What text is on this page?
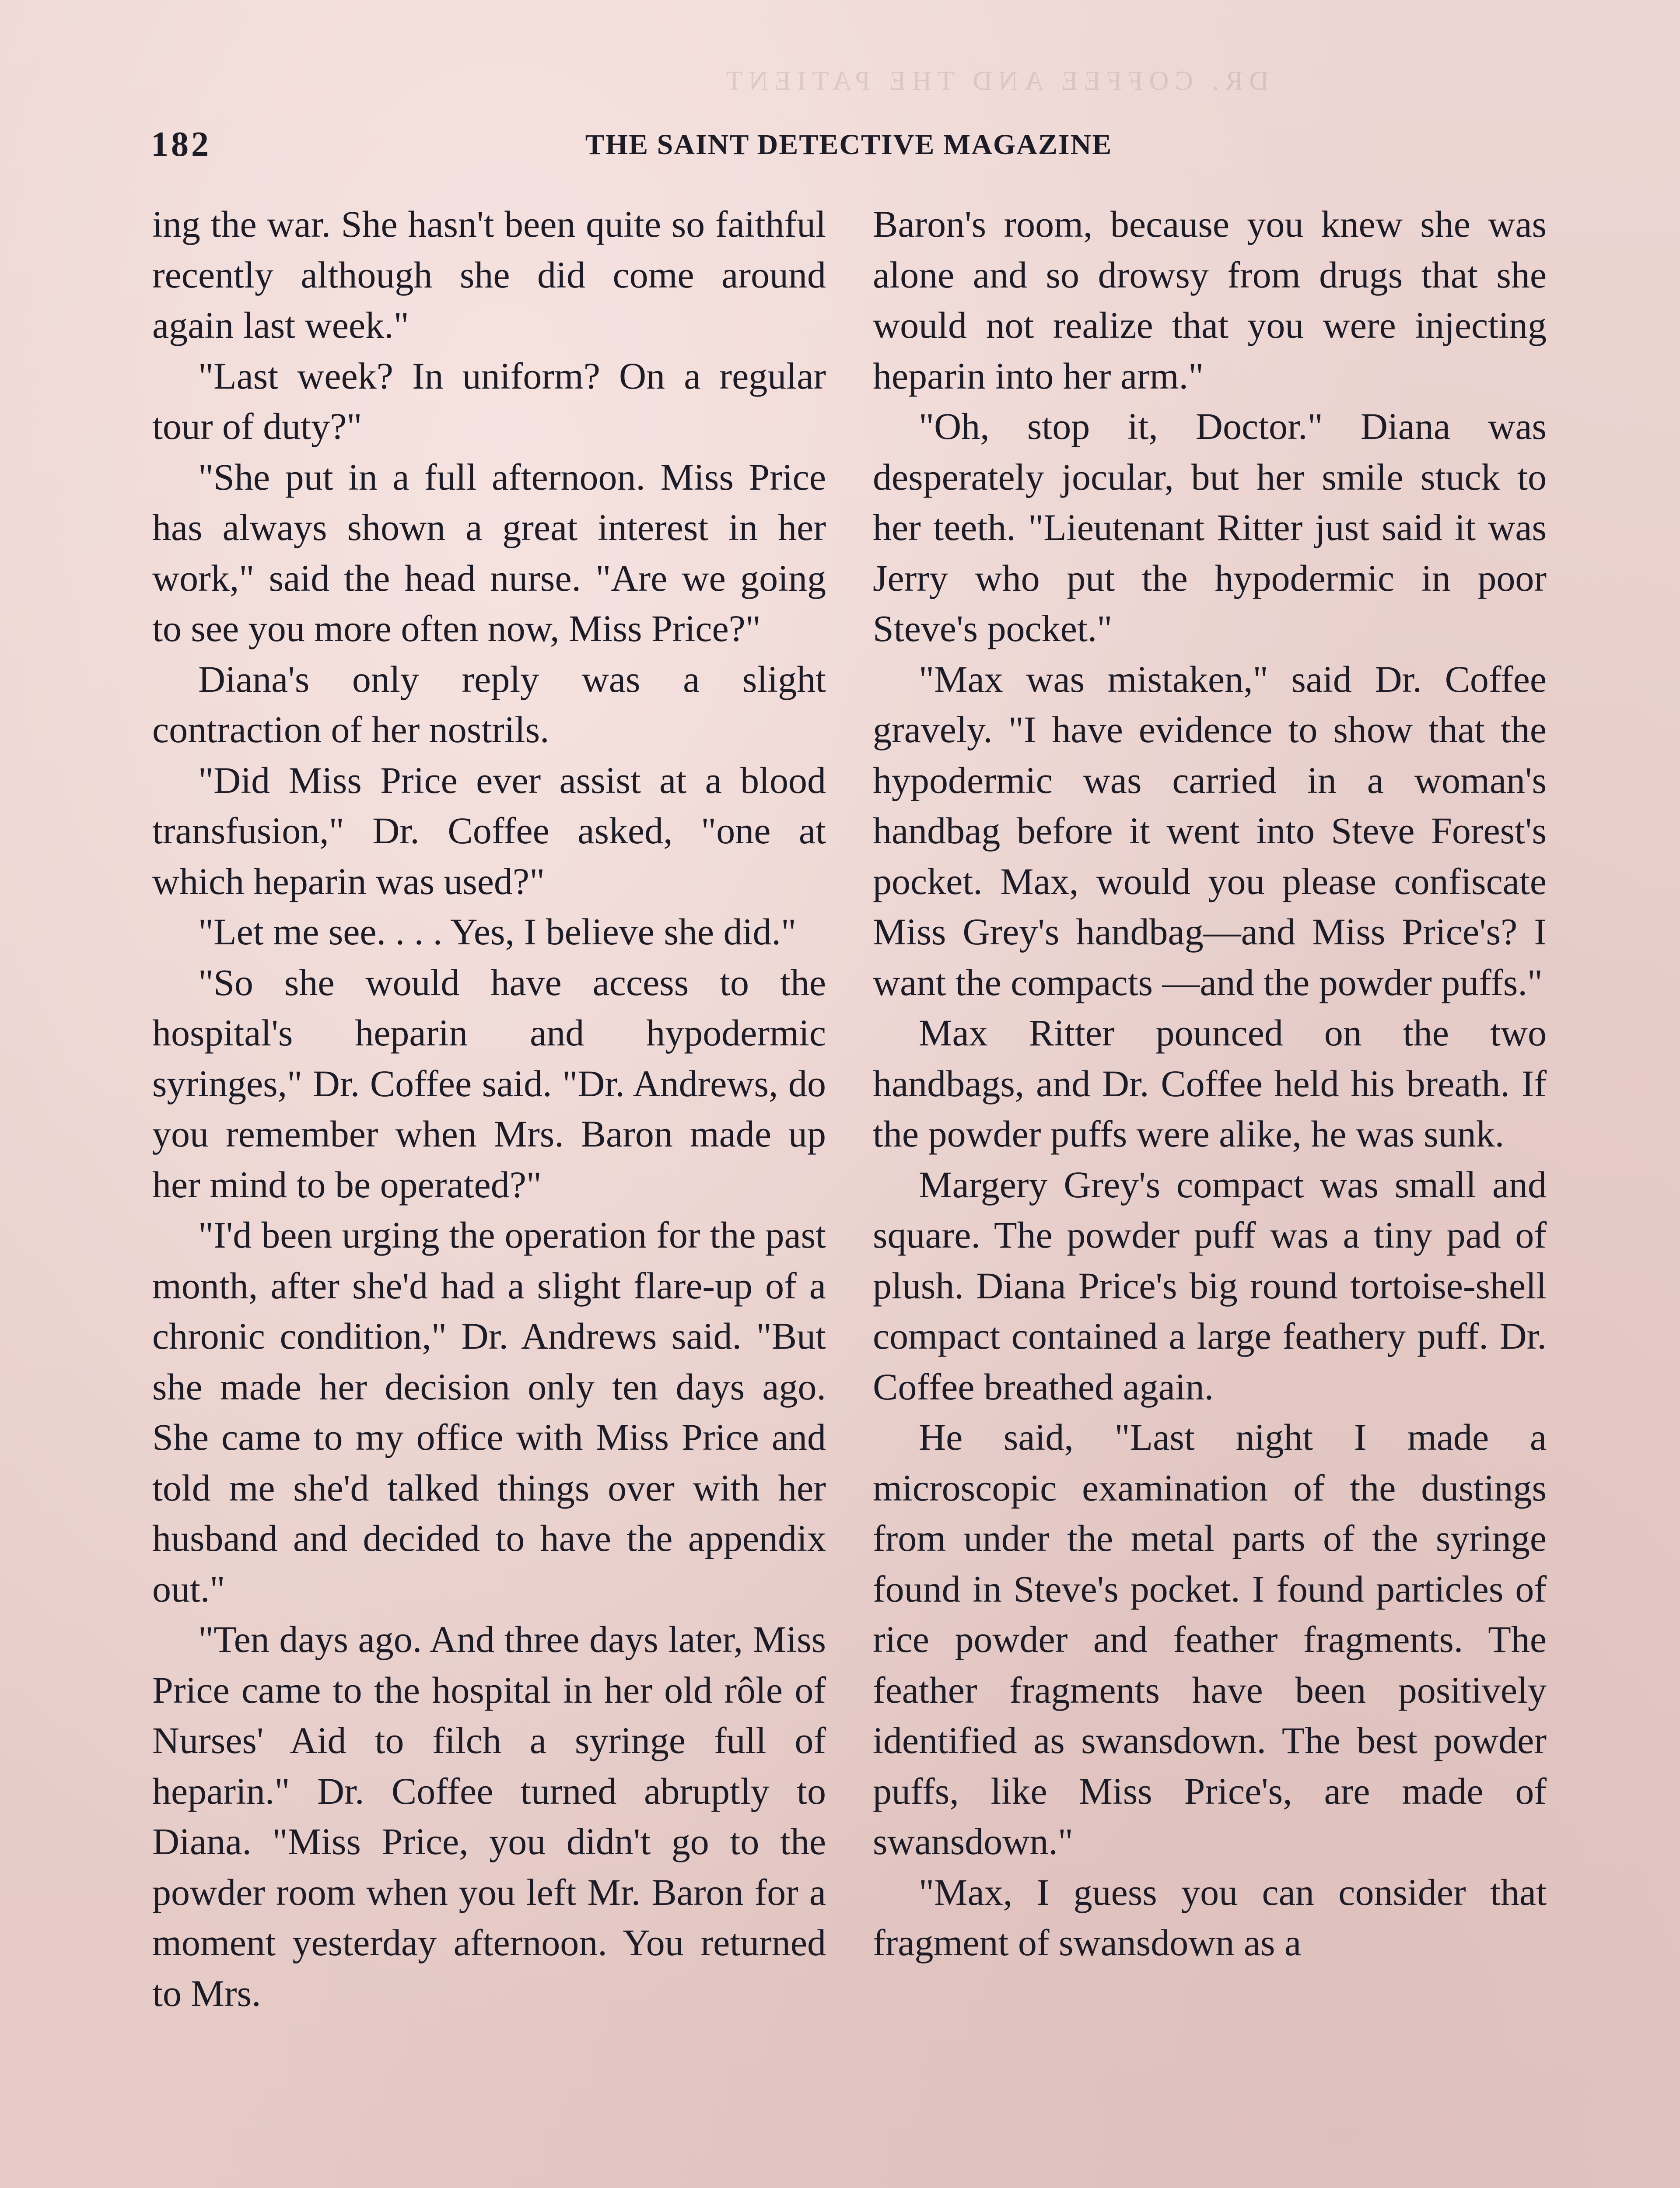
DR. COFFEE AND THE PATIENT
182	THE SAINT DETECTIVE MAGAZINE

ing the war. She hasn't been quite so faithful recently although she did come around again last week."

"Last week? In uniform? On a regular tour of duty?"

"She put in a full afternoon. Miss Price has always shown a great interest in her work," said the head nurse. "Are we going to see you more often now, Miss Price?"

Diana's only reply was a slight contraction of her nostrils.

"Did Miss Price ever assist at a blood transfusion," Dr. Coffee asked, "one at which heparin was used?"

"Let me see. . . . Yes, I believe she did."

"So she would have access to the hospital's heparin and hypodermic syringes," Dr. Coffee said. "Dr. Andrews, do you remember when Mrs. Baron made up her mind to be operated?"

"I'd been urging the operation for the past month, after she'd had a slight flare-up of a chronic condition," Dr. Andrews said. "But she made her decision only ten days ago. She came to my office with Miss Price and told me she'd talked things over with her husband and decided to have the appendix out."

"Ten days ago. And three days later, Miss Price came to the hospital in her old rôle of Nurses' Aid to filch a syringe full of heparin." Dr. Coffee turned abruptly to Diana. "Miss Price, you didn't go to the powder room when you left Mr. Baron for a moment yesterday afternoon. You returned to Mrs.

Baron's room, because you knew she was alone and so drowsy from drugs that she would not realize that you were injecting heparin into her arm."

"Oh, stop it, Doctor." Diana was desperately jocular, but her smile stuck to her teeth. "Lieutenant Ritter just said it was Jerry who put the hypodermic in poor Steve's pocket."

"Max was mistaken," said Dr. Coffee gravely. "I have evidence to show that the hypodermic was carried in a woman's handbag before it went into Steve Forest's pocket. Max, would you please confiscate Miss Grey's handbag—and Miss Price's? I want the compacts —and the powder puffs."

Max Ritter pounced on the two handbags, and Dr. Coffee held his breath. If the powder puffs were alike, he was sunk.

Margery Grey's compact was small and square. The powder puff was a tiny pad of plush. Diana Price's big round tortoise-shell compact contained a large feathery puff. Dr. Coffee breathed again.

He said, "Last night I made a microscopic examination of the dustings from under the metal parts of the syringe found in Steve's pocket. I found particles of rice powder and feather fragments. The feather fragments have been positively identified as swansdown. The best powder puffs, like Miss Price's, are made of swansdown."

"Max, I guess you can consider that fragment of swansdown as a
